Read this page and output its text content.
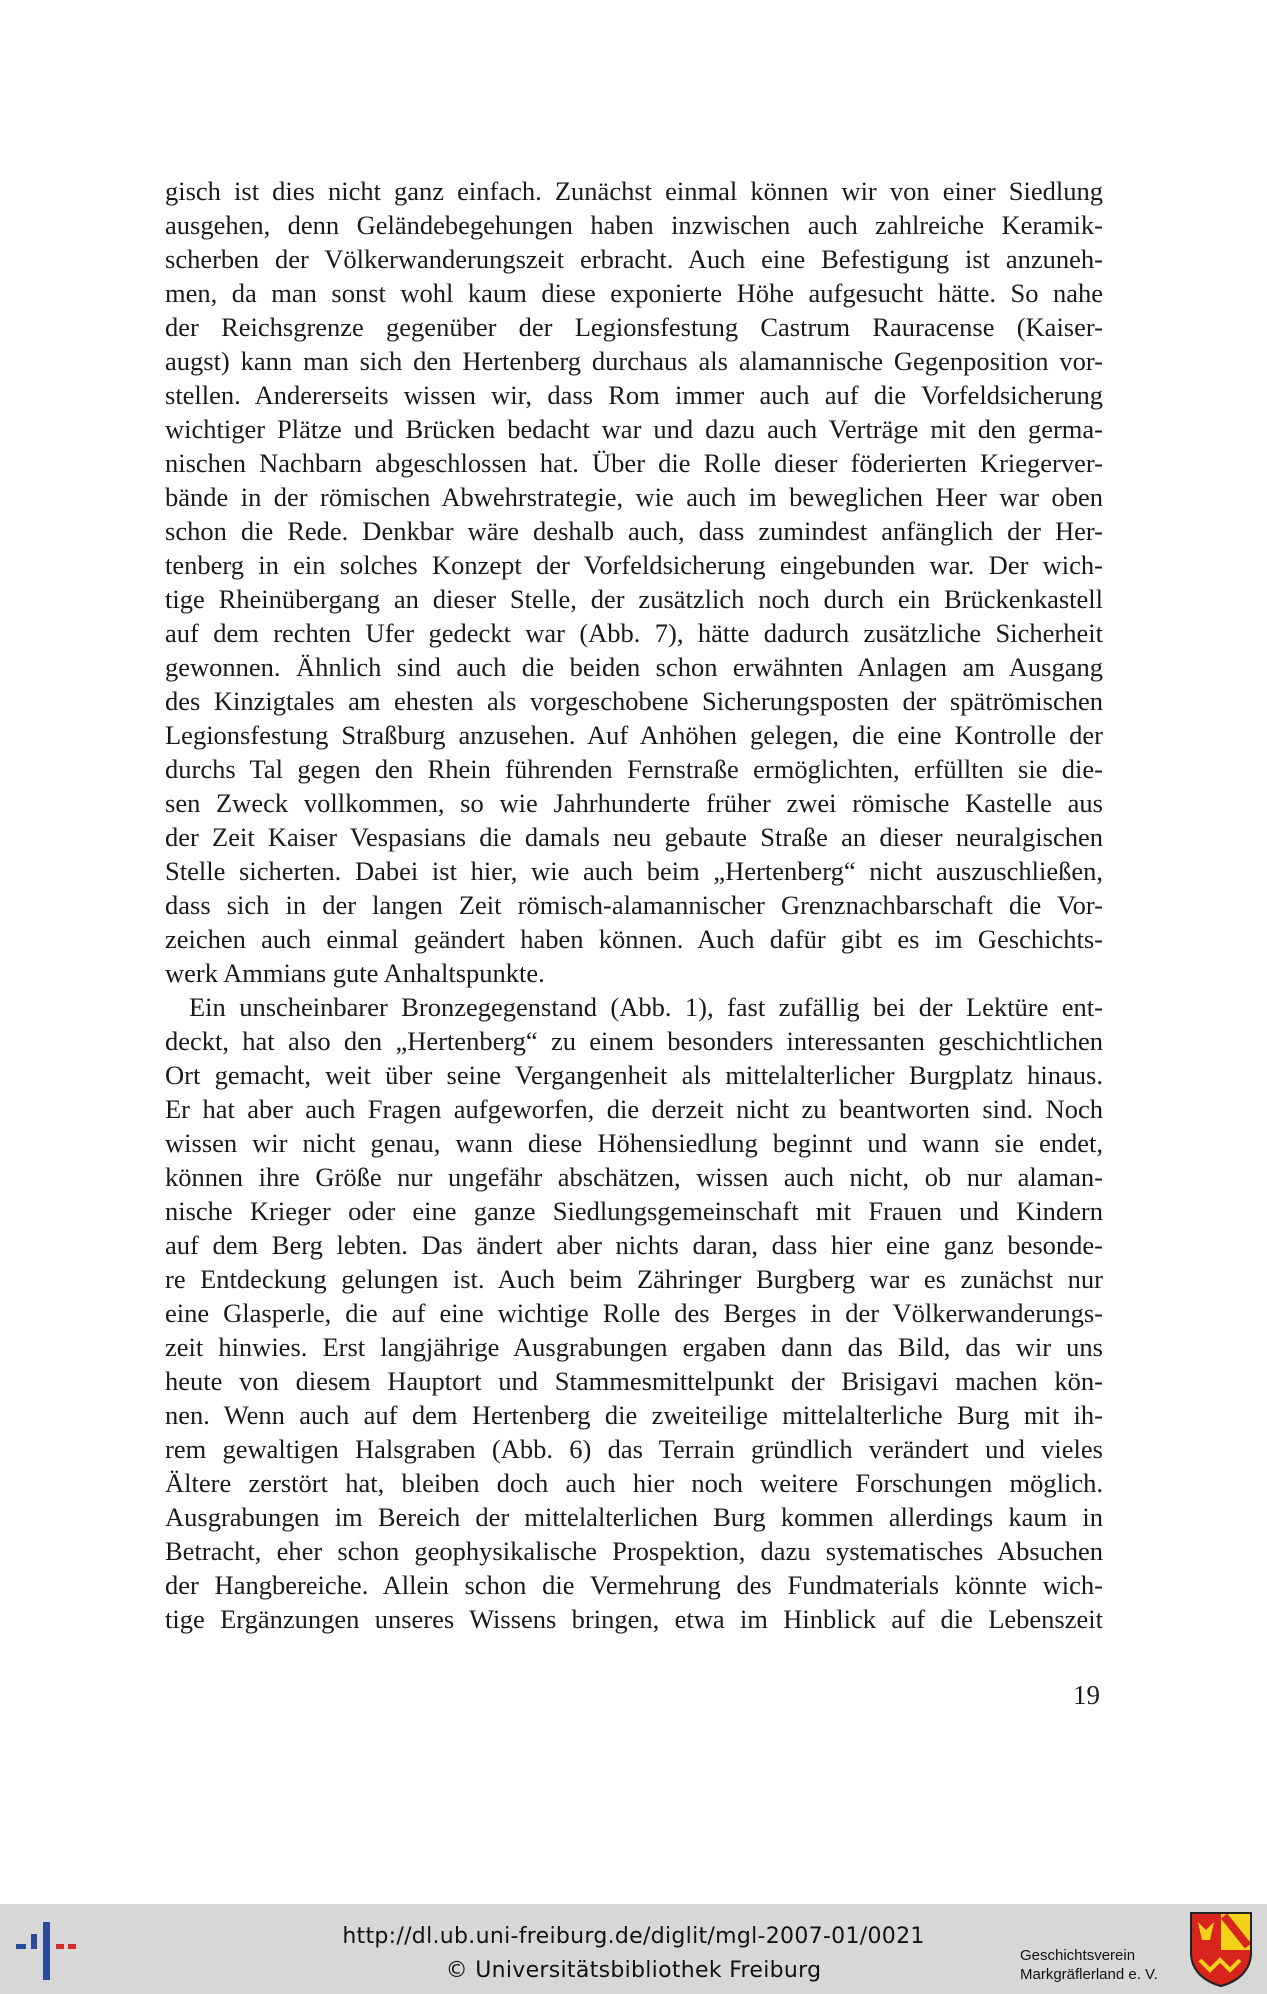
gisch ist dies nicht ganz einfach. Zunächst einmal können wir von einer Siedlung
ausgehen, denn Geländebegehungen haben inzwischen auch zahlreiche Keramik-
scherben der Völkerwanderungszeit erbracht. Auch eine Befestigung ist anzuneh-
men, da man sonst wohl kaum diese exponierte Höhe aufgesucht hätte. So nahe
der Reichsgrenze gegenüber der Legionsfestung Castrum Rauracense (Kaiser-
augst) kann man sich den Hertenberg durchaus als alamannische Gegenposition vor-
stellen. Andererseits wissen wir, dass Rom immer auch auf die Vorfeldsicherung
wichtiger Plätze und Brücken bedacht war und dazu auch Verträge mit den germa-
nischen Nachbarn abgeschlossen hat. Über die Rolle dieser föderierten Kriegerver-
bände in der römischen Abwehrstrategie, wie auch im beweglichen Heer war oben
schon die Rede. Denkbar wäre deshalb auch, dass zumindest anfänglich der Her-
tenberg in ein solches Konzept der Vorfeldsicherung eingebunden war. Der wich-
tige Rheinübergang an dieser Stelle, der zusätzlich noch durch ein Brückenkastell
auf dem rechten Ufer gedeckt war (Abb. 7), hätte dadurch zusätzliche Sicherheit
gewonnen. Ähnlich sind auch die beiden schon erwähnten Anlagen am Ausgang
des Kinzigtales am ehesten als vorgeschobene Sicherungsposten der spätrömischen
Legionsfestung Straßburg anzusehen. Auf Anhöhen gelegen, die eine Kontrolle der
durchs Tal gegen den Rhein führenden Fernstraße ermöglichten, erfüllten sie die-
sen Zweck vollkommen, so wie Jahrhunderte früher zwei römische Kastelle aus
der Zeit Kaiser Vespasians die damals neu gebaute Straße an dieser neuralgischen
Stelle sicherten. Dabei ist hier, wie auch beim „Hertenberg“ nicht auszuschließen,
dass sich in der langen Zeit römisch-alamannischer Grenznachbarschaft die Vor-
zeichen auch einmal geändert haben können. Auch dafür gibt es im Geschichts-
werk Ammians gute Anhaltspunkte.
Ein unscheinbarer Bronzegegenstand (Abb. 1), fast zufällig bei der Lektüre ent-
deckt, hat also den „Hertenberg“ zu einem besonders interessanten geschichtlichen
Ort gemacht, weit über seine Vergangenheit als mittelalterlicher Burgplatz hinaus.
Er hat aber auch Fragen aufgeworfen, die derzeit nicht zu beantworten sind. Noch
wissen wir nicht genau, wann diese Höhensiedlung beginnt und wann sie endet,
können ihre Größe nur ungefähr abschätzen, wissen auch nicht, ob nur alaman-
nische Krieger oder eine ganze Siedlungsgemeinschaft mit Frauen und Kindern
auf dem Berg lebten. Das ändert aber nichts daran, dass hier eine ganz besonde-
re Entdeckung gelungen ist. Auch beim Zähringer Burgberg war es zunächst nur
eine Glasperle, die auf eine wichtige Rolle des Berges in der Völkerwanderungs-
zeit hinwies. Erst langjährige Ausgrabungen ergaben dann das Bild, das wir uns
heute von diesem Hauptort und Stammesmittelpunkt der Brisigavi machen kön-
nen. Wenn auch auf dem Hertenberg die zweiteilige mittelalterliche Burg mit ih-
rem gewaltigen Halsgraben (Abb. 6) das Terrain gründlich verändert und vieles
Ältere zerstört hat, bleiben doch auch hier noch weitere Forschungen möglich.
Ausgrabungen im Bereich der mittelalterlichen Burg kommen allerdings kaum in
Betracht, eher schon geophysikalische Prospektion, dazu systematisches Absuchen
der Hangbereiche. Allein schon die Vermehrung des Fundmaterials könnte wich-
tige Ergänzungen unseres Wissens bringen, etwa im Hinblick auf die Lebenszeit
19
http://dl.ub.uni-freiburg.de/diglit/mgl-2007-01/0021
© Universitätsbibliothek Freiburg
Geschichtsverein
Markgräflerland e. V.
